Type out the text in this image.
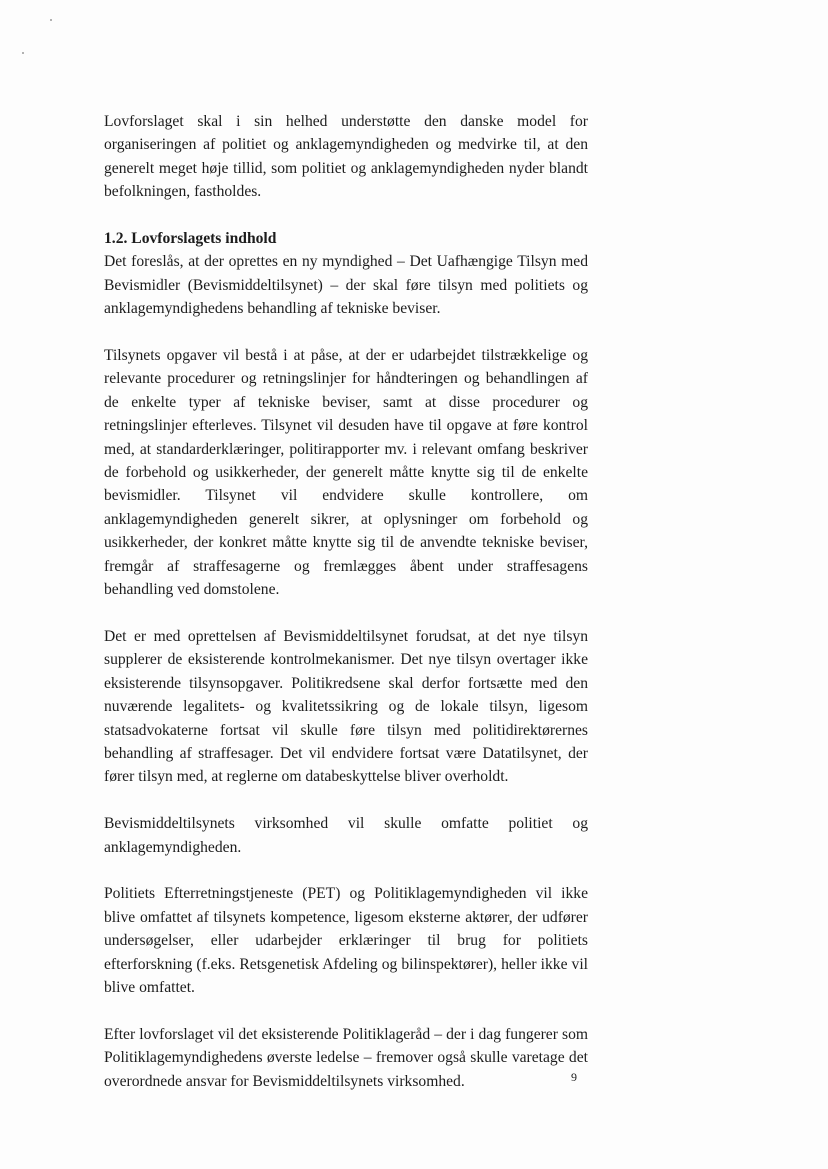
Lovforslaget skal i sin helhed understøtte den danske model for organiseringen af politiet og anklagemyndigheden og medvirke til, at den generelt meget høje tillid, som politiet og anklagemyndigheden nyder blandt befolkningen, fastholdes.

1.2. Lovforslagets indhold

Det foreslås, at der oprettes en ny myndighed – Det Uafhængige Tilsyn med Bevismidler (Bevismiddeltilsynet) – der skal føre tilsyn med politiets og anklagemyndighedens behandling af tekniske beviser.

Tilsynets opgaver vil bestå i at påse, at der er udarbejdet tilstrækkelige og relevante procedurer og retningslinjer for håndteringen og behandlingen af de enkelte typer af tekniske beviser, samt at disse procedurer og retningslinjer efterleves. Tilsynet vil desuden have til opgave at føre kontrol med, at standarderklæringer, politirapporter mv. i relevant omfang beskriver de forbehold og usikkerheder, der generelt måtte knytte sig til de enkelte bevismidler. Tilsynet vil endvidere skulle kontrollere, om anklagemyndigheden generelt sikrer, at oplysninger om forbehold og usikkerheder, der konkret måtte knytte sig til de anvendte tekniske beviser, fremgår af straffesagerne og fremlægges åbent under straffesagens behandling ved domstolene.

Det er med oprettelsen af Bevismiddeltilsynet forudsat, at det nye tilsyn supplerer de eksisterende kontrolmekanismer. Det nye tilsyn overtager ikke eksisterende tilsynsopgaver. Politikredsene skal derfor fortsætte med den nuværende legalitets- og kvalitetssikring og de lokale tilsyn, ligesom statsadvokaterne fortsat vil skulle føre tilsyn med politidirektørernes behandling af straffesager. Det vil endvidere fortsat være Datatilsynet, der fører tilsyn med, at reglerne om databeskyttelse bliver overholdt.

Bevismiddeltilsynets virksomhed vil skulle omfatte politiet og anklagemyndigheden.

Politiets Efterretningstjeneste (PET) og Politiklagemyndigheden vil ikke blive omfattet af tilsynets kompetence, ligesom eksterne aktører, der udfører undersøgelser, eller udarbejder erklæringer til brug for politiets efterforskning (f.eks. Retsgenetisk Afdeling og bilinspektører), heller ikke vil blive omfattet.

Efter lovforslaget vil det eksisterende Politiklageråd – der i dag fungerer som Politiklagemyndighedens øverste ledelse – fremover også skulle varetage det overordnede ansvar for Bevismiddeltilsynets virksomhed.	9
